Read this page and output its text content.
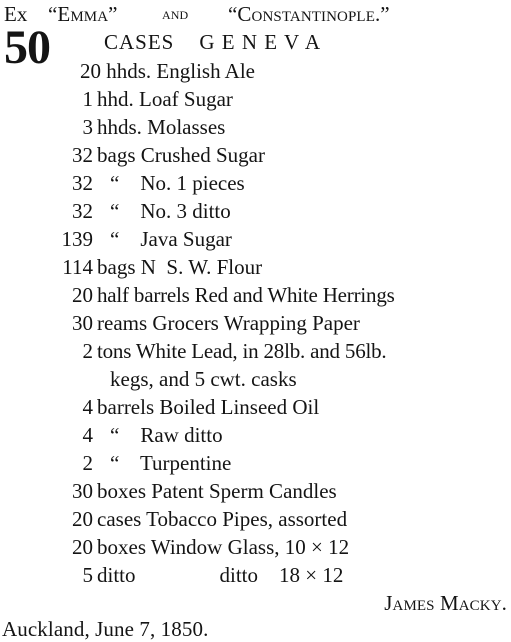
Ex “Emma”	and “Constantinople.”
50	CASES    G E N E V A
20 hhds. English Ale
1 hhd. Loaf Sugar
3 hhds. Molasses
32 bags Crushed Sugar
32 “    No. 1 pieces
32 “    No. 3 ditto
139 “    Java Sugar
114 bags N  S. W. Flour
20 half barrels Red and White Herrings
30 reams Grocers Wrapping Paper
2 tons White Lead, in 28lb. and 56lb.
kegs, and 5 cwt. casks
4 barrels Boiled Linseed Oil
4 “    Raw ditto
2 “    Turpentine
30 boxes Patent Sperm Candles
20 cases Tobacco Pipes, assorted
20 boxes Window Glass, 10 × 12
5 ditto                ditto    18 × 12
James Macky.
Auckland, June 7, 1850.
